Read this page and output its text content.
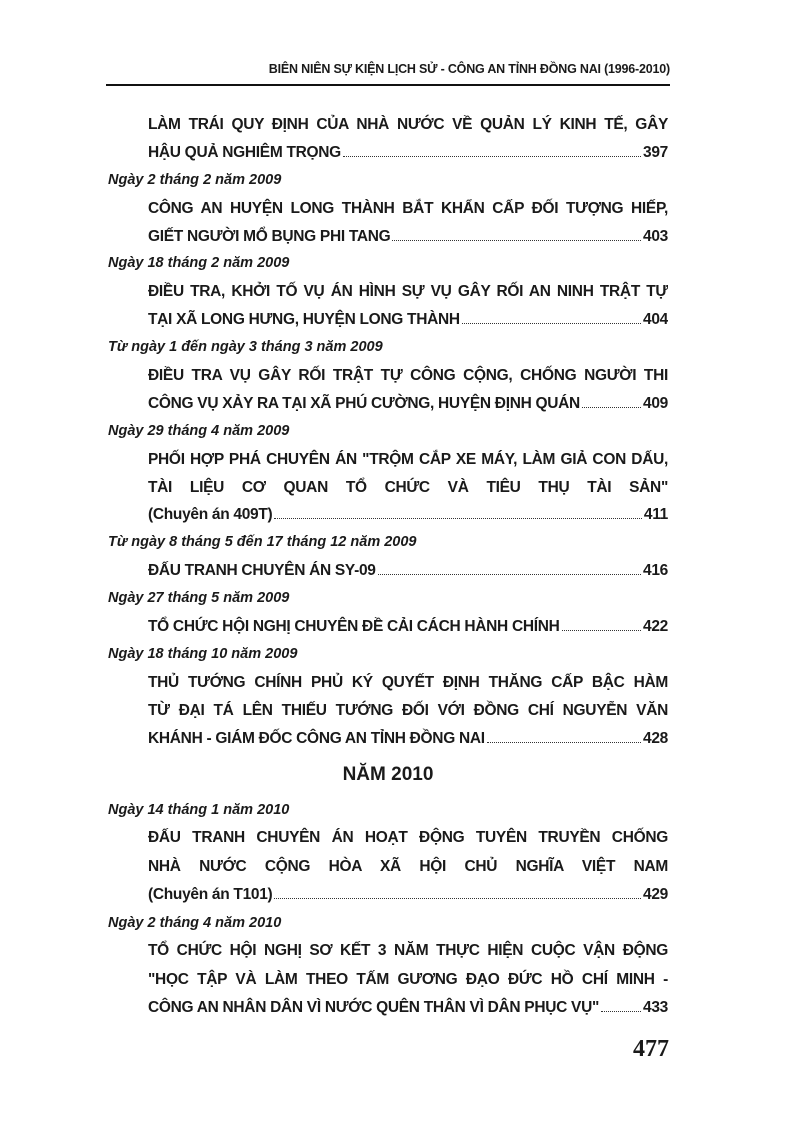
BIÊN NIÊN SỰ KIỆN LỊCH SỬ - CÔNG AN TỈNH ĐỒNG NAI (1996-2010)
LÀM TRÁI QUY ĐỊNH CỦA NHÀ NƯỚC VỀ QUẢN LÝ KINH TẾ, GÂY
HẬU QUẢ NGHIÊM TRỌNG	397
Ngày 2 tháng 2 năm 2009
CÔNG AN HUYỆN LONG THÀNH BẮT KHẨN CẤP ĐỐI TƯỢNG HIẾP,
GIẾT NGƯỜI MỔ BỤNG PHI TANG	403
Ngày 18 tháng 2 năm 2009
ĐIỀU TRA, KHỞI TỐ VỤ ÁN HÌNH SỰ VỤ GÂY RỐI AN NINH TRẬT TỰ
TẠI XÃ LONG HƯNG, HUYỆN LONG THÀNH	404
Từ ngày 1 đến ngày 3 tháng 3 năm 2009
ĐIỀU TRA VỤ GÂY RỐI TRẬT TỰ CÔNG CỘNG, CHỐNG NGƯỜI THI
CÔNG VỤ XẢY RA TẠI XÃ PHÚ CƯỜNG, HUYỆN ĐỊNH QUÁN	409
Ngày 29 tháng 4 năm 2009
PHỐI HỢP PHÁ CHUYÊN ÁN "TRỘM CẮP XE MÁY, LÀM GIẢ CON DẤU,
TÀI LIỆU CƠ QUAN TỔ CHỨC VÀ TIÊU THỤ TÀI SẢN"
(Chuyên án 409T)	411
Từ ngày 8 tháng 5 đến 17 tháng 12 năm 2009
ĐẤU TRANH CHUYÊN ÁN SY-09	416
Ngày 27 tháng 5 năm 2009
TỔ CHỨC HỘI NGHỊ CHUYÊN ĐỀ CẢI CÁCH HÀNH CHÍNH	422
Ngày 18 tháng 10 năm 2009
THỦ TƯỚNG CHÍNH PHỦ KÝ QUYẾT ĐỊNH THĂNG CẤP BẬC HÀM
TỪ ĐẠI TÁ LÊN THIẾU TƯỚNG ĐỐI VỚI ĐỒNG CHÍ NGUYỄN VĂN
KHÁNH - GIÁM ĐỐC CÔNG AN TỈNH ĐỒNG NAI	428
NĂM 2010
Ngày 14 tháng 1 năm 2010
ĐẤU TRANH CHUYÊN ÁN HOẠT ĐỘNG TUYÊN TRUYỀN CHỐNG
NHÀ NƯỚC CỘNG HÒA XÃ HỘI CHỦ NGHĨA VIỆT NAM
(Chuyên án T101)	429
Ngày 2 tháng 4 năm 2010
TỔ CHỨC HỘI NGHỊ SƠ KẾT 3 NĂM THỰC HIỆN CUỘC VẬN ĐỘNG
"HỌC TẬP VÀ LÀM THEO TẤM GƯƠNG ĐẠO ĐỨC HỒ CHÍ MINH -
CÔNG AN NHÂN DÂN VÌ NƯỚC QUÊN THÂN VÌ DÂN PHỤC VỤ"	433
477
